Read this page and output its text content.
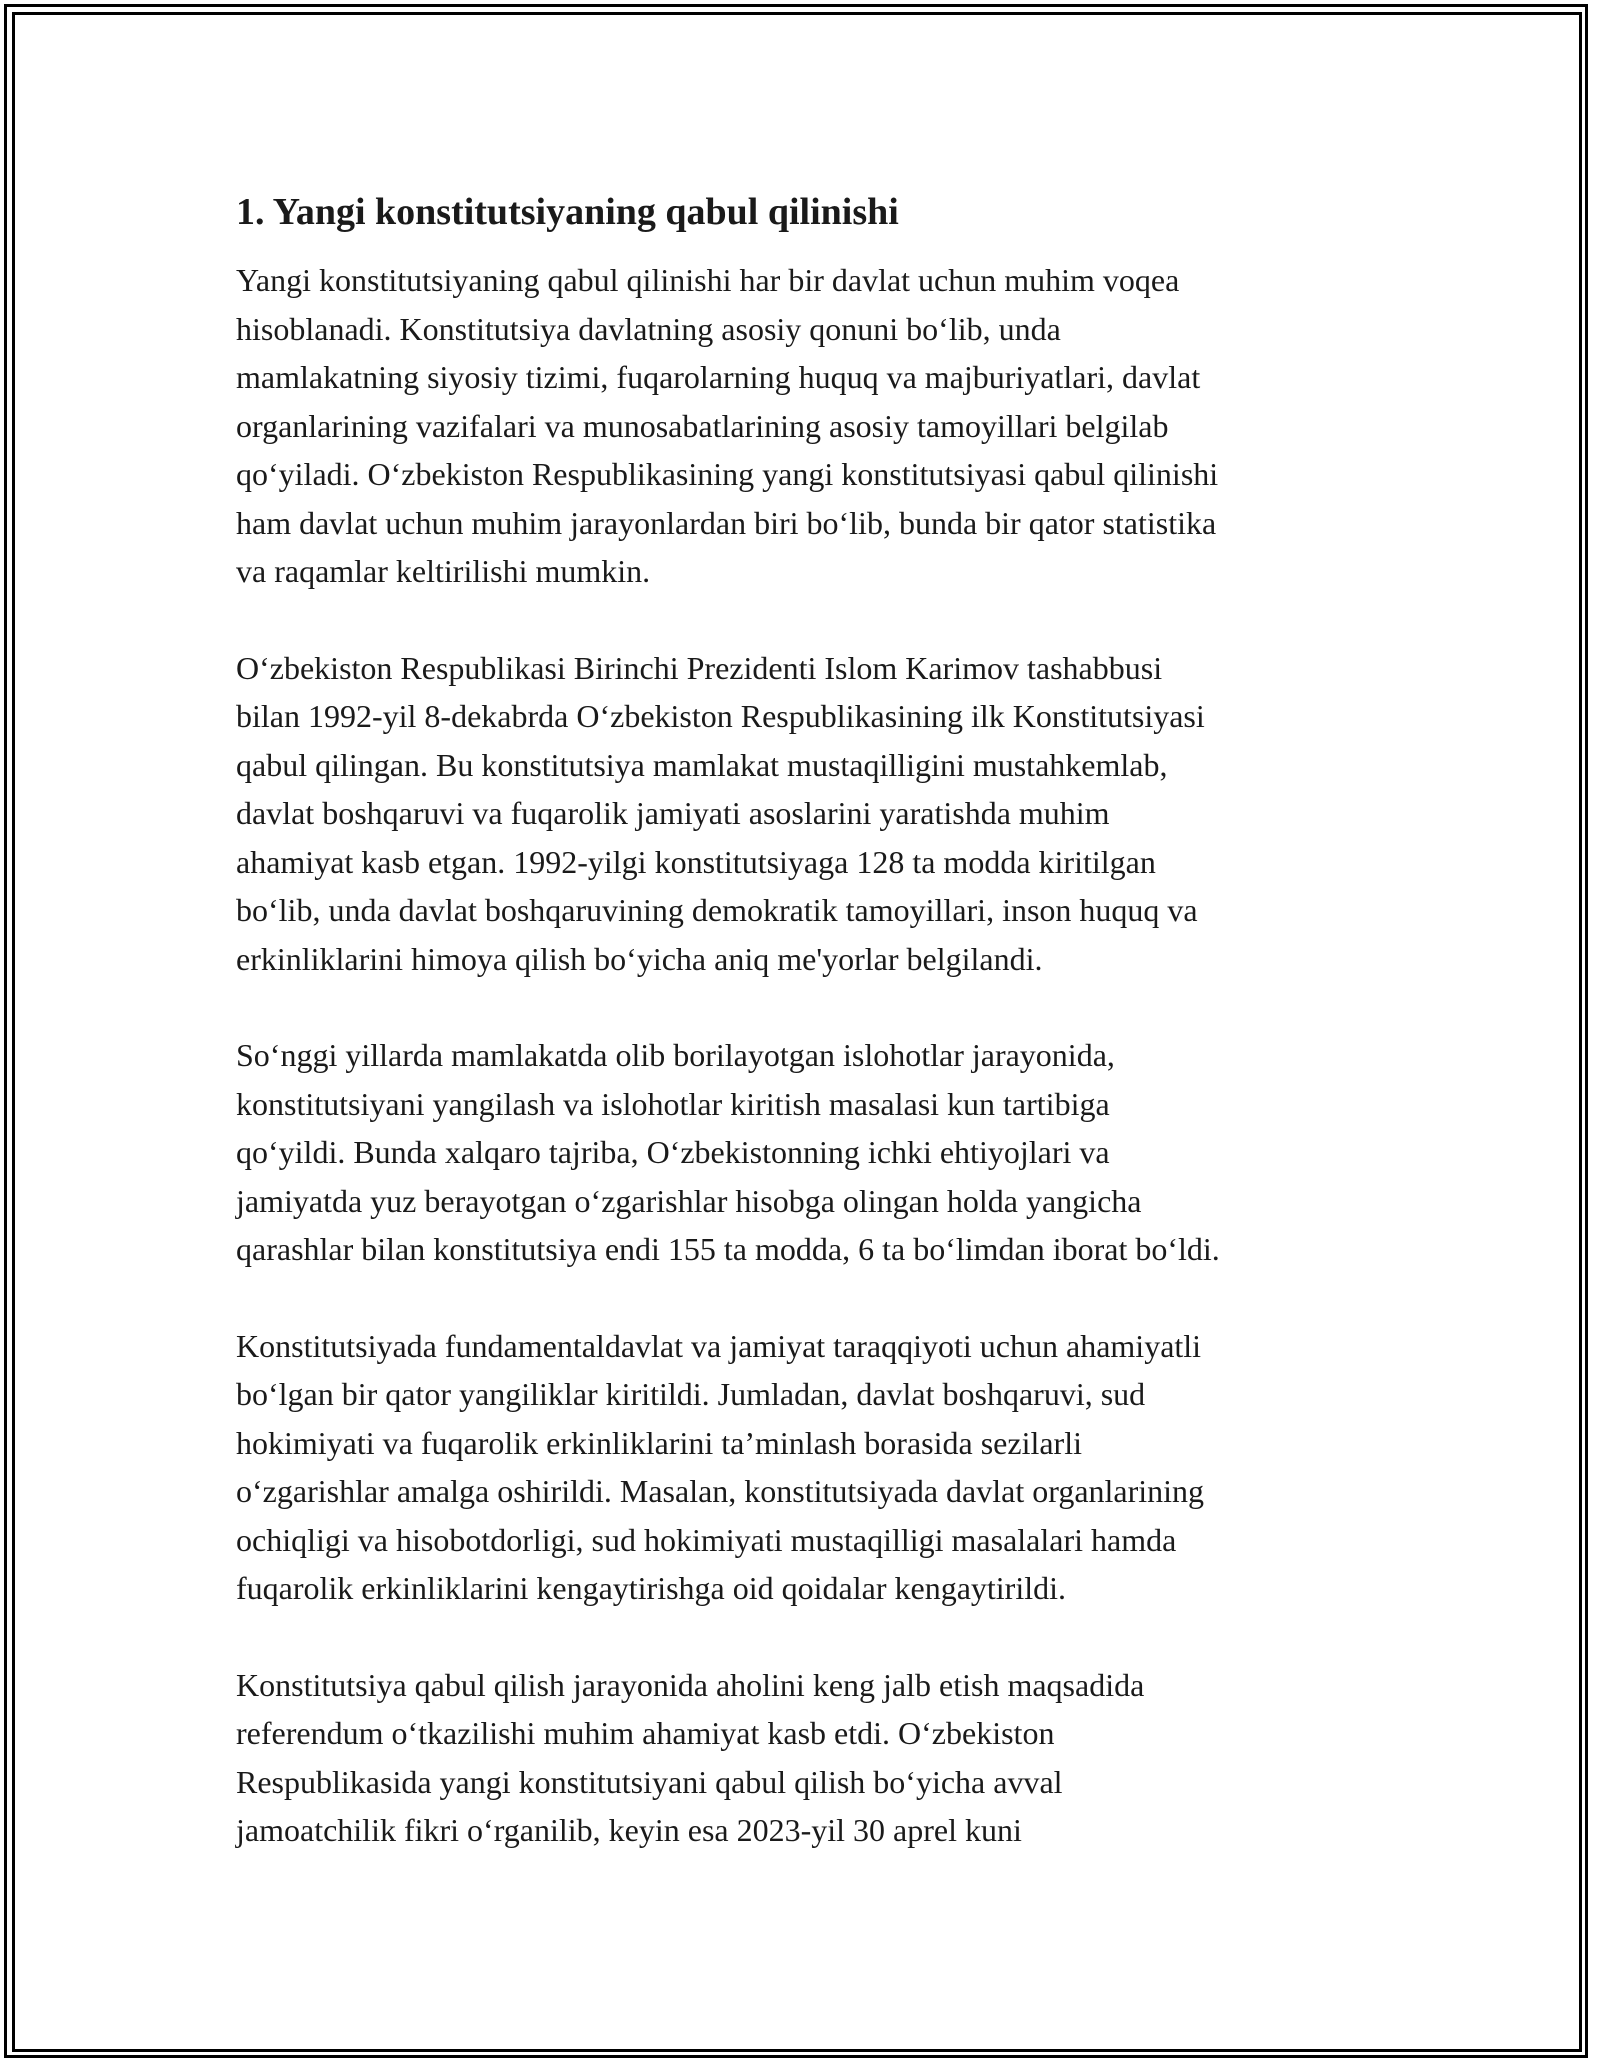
1. Yangi konstitutsiyaning qabul qilinishi

Yangi konstitutsiyaning qabul qilinishi har bir davlat uchun muhim voqea
hisoblanadi. Konstitutsiya davlatning asosiy qonuni bo‘lib, unda
mamlakatning siyosiy tizimi, fuqarolarning huquq va majburiyatlari, davlat
organlarining vazifalari va munosabatlarining asosiy tamoyillari belgilab
qo‘yiladi. O‘zbekiston Respublikasining yangi konstitutsiyasi qabul qilinishi
ham davlat uchun muhim jarayonlardan biri bo‘lib, bunda bir qator statistika
va raqamlar keltirilishi mumkin.

O‘zbekiston Respublikasi Birinchi Prezidenti Islom Karimov tashabbusi
bilan 1992-yil 8-dekabrda O‘zbekiston Respublikasining ilk Konstitutsiyasi
qabul qilingan. Bu konstitutsiya mamlakat mustaqilligini mustahkemlab,
davlat boshqaruvi va fuqarolik jamiyati asoslarini yaratishda muhim
ahamiyat kasb etgan. 1992-yilgi konstitutsiyaga 128 ta modda kiritilgan
bo‘lib, unda davlat boshqaruvining demokratik tamoyillari, inson huquq va
erkinliklarini himoya qilish bo‘yicha aniq me'yorlar belgilandi.

So‘nggi yillarda mamlakatda olib borilayotgan islohotlar jarayonida,
konstitutsiyani yangilash va islohotlar kiritish masalasi kun tartibiga
qo‘yildi. Bunda xalqaro tajriba, O‘zbekistonning ichki ehtiyojlari va
jamiyatda yuz berayotgan o‘zgarishlar hisobga olingan holda yangicha
qarashlar bilan konstitutsiya endi 155 ta modda, 6 ta bo‘limdan iborat bo‘ldi.

Konstitutsiyada fundamentaldavlat va jamiyat taraqqiyoti uchun ahamiyatli
bo‘lgan bir qator yangiliklar kiritildi. Jumladan, davlat boshqaruvi, sud
hokimiyati va fuqarolik erkinliklarini ta’minlash borasida sezilarli
o‘zgarishlar amalga oshirildi. Masalan, konstitutsiyada davlat organlarining
ochiqligi va hisobotdorligi, sud hokimiyati mustaqilligi masalalari hamda
fuqarolik erkinliklarini kengaytirishga oid qoidalar kengaytirildi.

Konstitutsiya qabul qilish jarayonida aholini keng jalb etish maqsadida
referendum o‘tkazilishi muhim ahamiyat kasb etdi. O‘zbekiston
Respublikasida yangi konstitutsiyani qabul qilish bo‘yicha avval
jamoatchilik fikri o‘rganilib, keyin esa 2023-yil 30 aprel kuni
